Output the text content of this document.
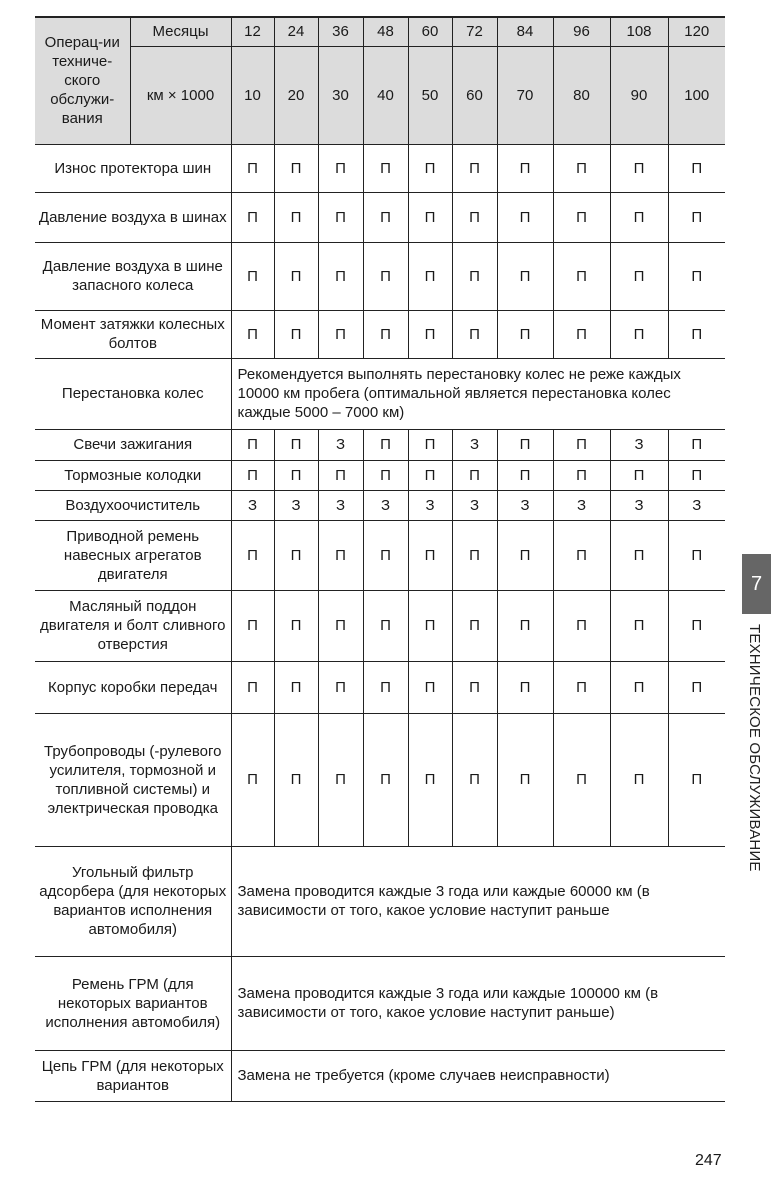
Операц-ии техниче-ского обслужи-вания	Месяцы	12	24	36	48	60	72	84	96	108	120
	км × 1000	10	20	30	40	50	60	70	80	90	100
Износ протектора шин		П	П	П	П	П	П	П	П	П	П
Давление воздуха в шинах		П	П	П	П	П	П	П	П	П	П
Давление воздуха в шине запасного колеса		П	П	П	П	П	П	П	П	П	П
Момент затяжки колесных болтов		П	П	П	П	П	П	П	П	П	П
Перестановка колес		Рекомендуется выполнять перестановку колес не реже каждых 10000 км пробега (оптимальной является перестановка колес каждые 5000 – 7000 км)									
Свечи зажигания		П	П	З	П	П	З	П	П	З	П
Тормозные колодки		П	П	П	П	П	П	П	П	П	П
Воздухоочиститель		З	З	З	З	З	З	З	З	З	З
Приводной ремень навесных агрегатов двигателя		П	П	П	П	П	П	П	П	П	П
Масляный поддон двигателя и болт сливного отверстия		П	П	П	П	П	П	П	П	П	П
Корпус коробки передач		П	П	П	П	П	П	П	П	П	П
Трубопроводы (-рулевого усилителя, тормозной и топливной системы) и электрическая проводка		П	П	П	П	П	П	П	П	П	П
Угольный фильтр адсорбера (для некоторых вариантов исполнения автомобиля)		Замена проводится каждые 3 года или каждые 60000 км (в зависимости от того, какое условие наступит раньше									
Ремень ГРМ (для некоторых вариантов исполнения автомобиля)		Замена проводится каждые 3 года или каждые 100000 км (в зависимости от того, какое условие наступит раньше)									
Цепь ГРМ (для некоторых вариантов		Замена не требуется (кроме случаев неисправности)									
7
ТЕХНИЧЕСКОЕ ОБСЛУЖИВАНИЕ
247
